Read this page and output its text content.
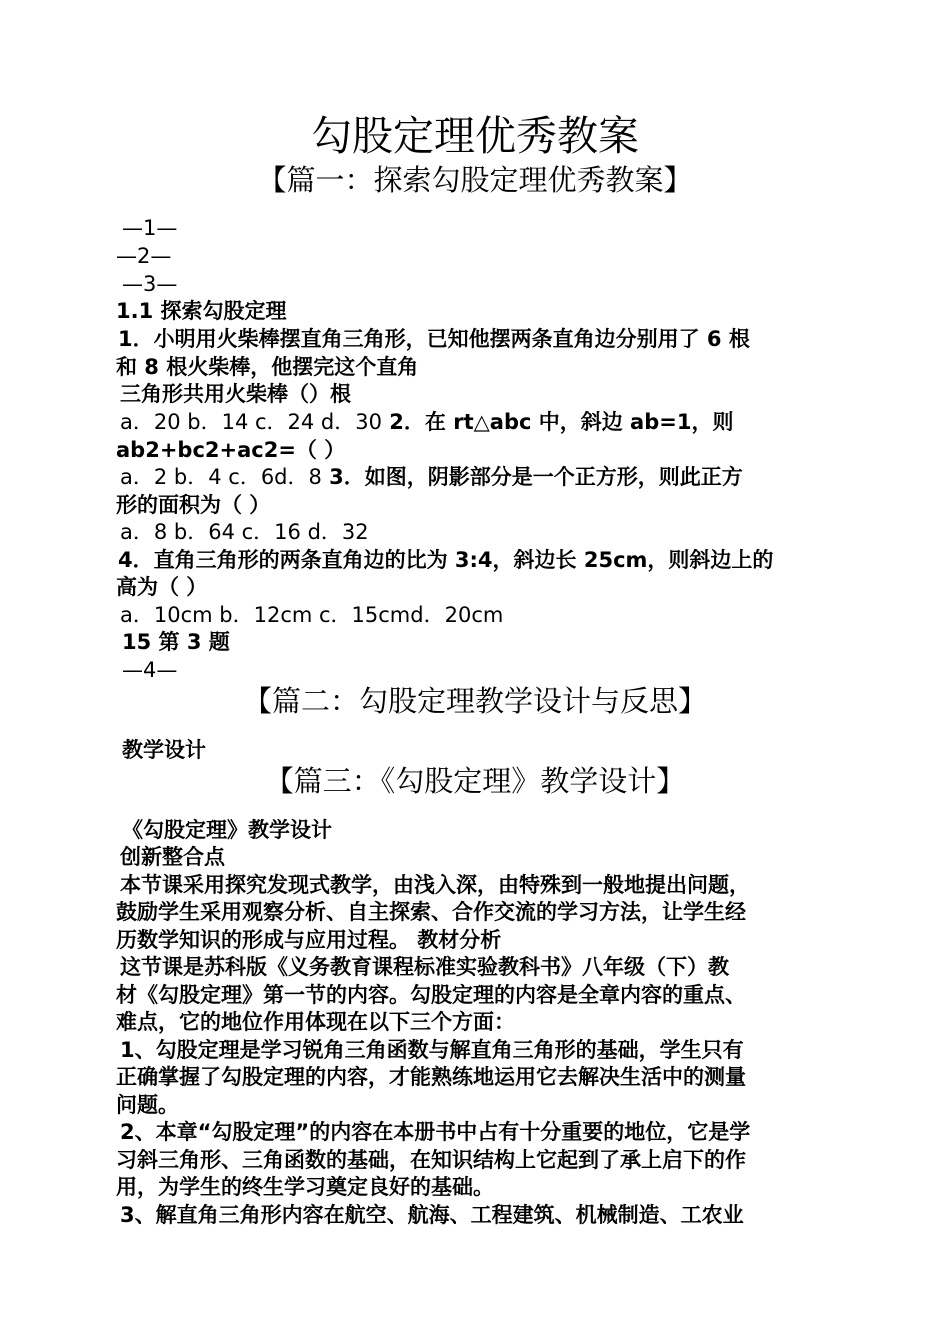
勾股定理优秀教案
【篇一：探索勾股定理优秀教案】
—1—
—2—
—3—
1.1 探索勾股定理
1．小明用火柴棒摆直角三角形，已知他摆两条直角边分别用了 6 根
和 8 根火柴棒，他摆完这个直角
三角形共用火柴棒（）根
a．20 b．14 c．24 d．30 2．在 rt△abc 中，斜边 ab=1，则
ab2+bc2+ac2=（ ）
a．2 b．4 c．6d．8 3．如图，阴影部分是一个正方形，则此正方
形的面积为（ ）
a．8 b．64 c．16 d．32
4．直角三角形的两条直角边的比为 3:4，斜边长 25cm，则斜边上的
高为（ ）
a．10cm b．12cm c．15cmd．20cm
15 第 3 题
—4—
【篇二：勾股定理教学设计与反思】
教学设计
【篇三：《勾股定理》教学设计】
《勾股定理》教学设计
创新整合点
本节课采用探究发现式教学，由浅入深，由特殊到一般地提出问题，
鼓励学生采用观察分析、自主探索、合作交流的学习方法，让学生经
历数学知识的形成与应用过程。 教材分析
这节课是苏科版《义务教育课程标准实验教科书》八年级（下）教
材《勾股定理》第一节的内容。勾股定理的内容是全章内容的重点、
难点，它的地位作用体现在以下三个方面：
1、勾股定理是学习锐角三角函数与解直角三角形的基础，学生只有
正确掌握了勾股定理的内容，才能熟练地运用它去解决生活中的测量
问题。
2、本章“勾股定理”的内容在本册书中占有十分重要的地位，它是学
习斜三角形、三角函数的基础，在知识结构上它起到了承上启下的作
用，为学生的终生学习奠定良好的基础。
3、解直角三角形内容在航空、航海、工程建筑、机械制造、工农业
